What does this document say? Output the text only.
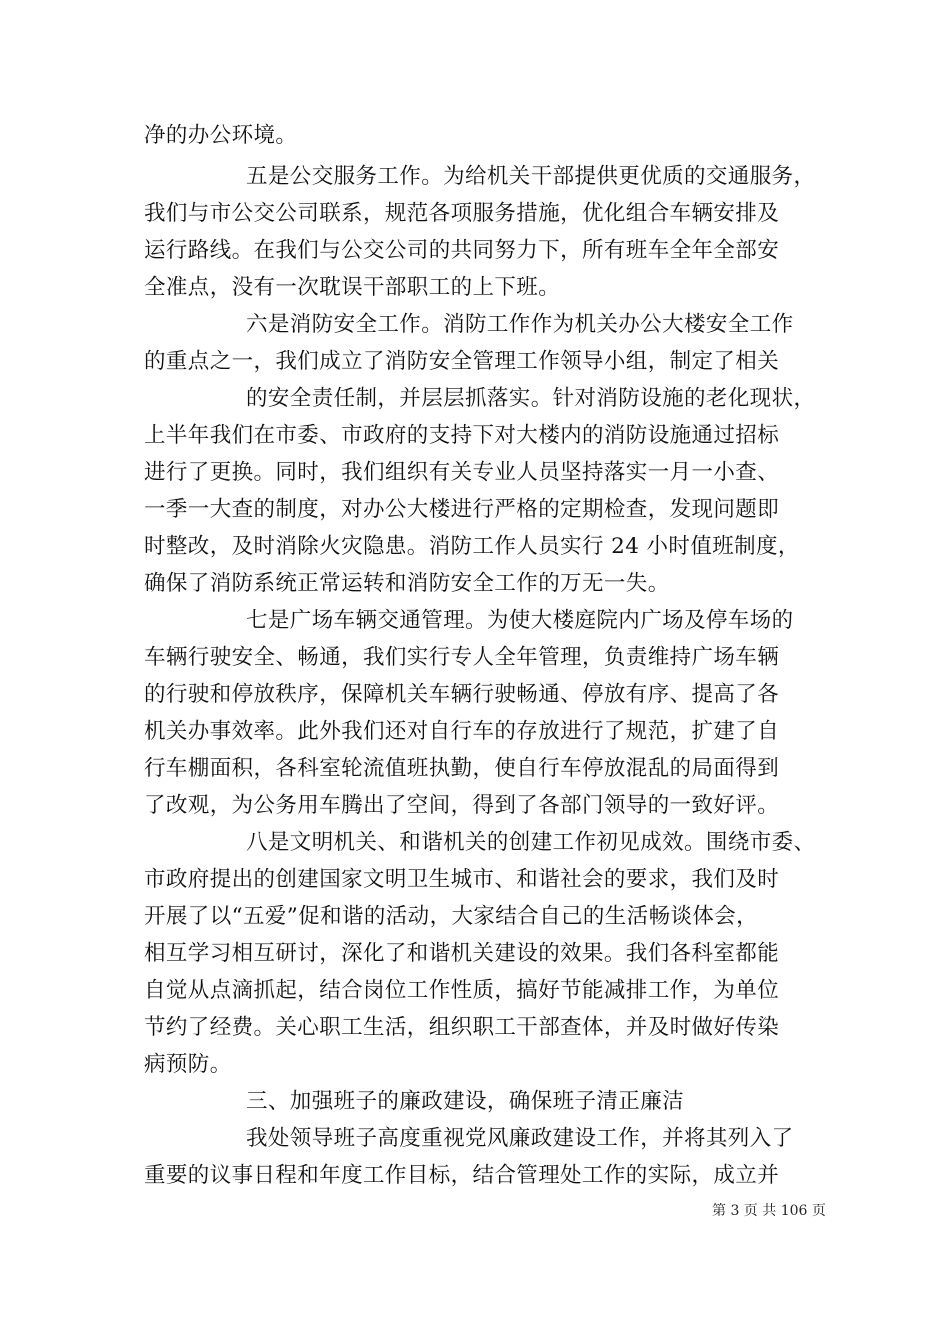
净的办公环境。
五是公交服务工作。为给机关干部提供更优质的交通服务，
我们与市公交公司联系，规范各项服务措施，优化组合车辆安排及
运行路线。在我们与公交公司的共同努力下，所有班车全年全部安
全准点，没有一次耽误干部职工的上下班。
六是消防安全工作。消防工作作为机关办公大楼安全工作
的重点之一，我们成立了消防安全管理工作领导小组，制定了相关
的安全责任制，并层层抓落实。针对消防设施的老化现状，
上半年我们在市委、市政府的支持下对大楼内的消防设施通过招标
进行了更换。同时，我们组织有关专业人员坚持落实一月一小查、
一季一大查的制度，对办公大楼进行严格的定期检查，发现问题即
时整改，及时消除火灾隐患。消防工作人员实行 24 小时值班制度，
确保了消防系统正常运转和消防安全工作的万无一失。
七是广场车辆交通管理。为使大楼庭院内广场及停车场的
车辆行驶安全、畅通，我们实行专人全年管理，负责维持广场车辆
的行驶和停放秩序，保障机关车辆行驶畅通、停放有序、提高了各
机关办事效率。此外我们还对自行车的存放进行了规范，扩建了自
行车棚面积，各科室轮流值班执勤，使自行车停放混乱的局面得到
了改观，为公务用车腾出了空间，得到了各部门领导的一致好评。
八是文明机关、和谐机关的创建工作初见成效。围绕市委、
市政府提出的创建国家文明卫生城市、和谐社会的要求，我们及时
开展了以“五爱”促和谐的活动，大家结合自己的生活畅谈体会，
相互学习相互研讨，深化了和谐机关建设的效果。我们各科室都能
自觉从点滴抓起，结合岗位工作性质，搞好节能减排工作，为单位
节约了经费。关心职工生活，组织职工干部查体，并及时做好传染
病预防。
三、加强班子的廉政建设，确保班子清正廉洁
我处领导班子高度重视党风廉政建设工作，并将其列入了
重要的议事日程和年度工作目标，结合管理处工作的实际，成立并
第 3 页 共 106 页
